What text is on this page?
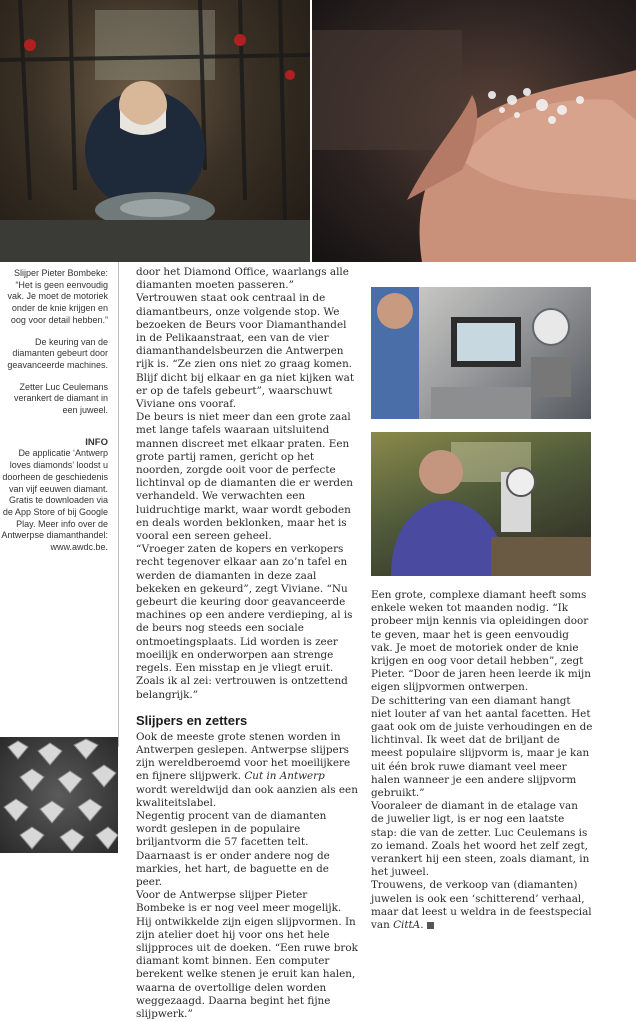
Slijper Pieter Bombeke: “Het is geen eenvoudig vak. Je moet de motoriek onder de knie krijgen en oog voor detail hebben.”

De keuring van de diamanten gebeurt door geavanceerde machines.

Zetter Luc Ceulemans verankert de diamant in een juweel.

INFO

De applicatie ‘Antwerp loves diamonds’ loodst u doorheen de geschiedenis van vijf eeuwen diamant. Gratis te downloaden via de App Store of bij Google Play. Meer info over de Antwerpse diamanthandel: www.awdc.be.

door het Diamond Office, waarlangs alle diamanten moeten passeren.”

Vertrouwen staat ook centraal in de diamantbeurs, onze volgende stop. We bezoeken de Beurs voor Diamanthandel in de Pelikaanstraat, een van de vier diamanthandelsbeurzen die Antwerpen rijk is. “Ze zien ons niet zo graag komen. Blijf dicht bij elkaar en ga niet kijken wat er op de tafels gebeurt”, waarschuwt Viviane ons vooraf.

De beurs is niet meer dan een grote zaal met lange tafels waaraan uitsluitend mannen discreet met elkaar praten. Een grote partij ramen, gericht op het noorden, zorgde ooit voor de perfecte lichtinval op de diamanten die er werden verhandeld. We verwachten een luidruchtige markt, waar wordt geboden en deals worden beklonken, maar het is vooral een sereen geheel.

“Vroeger zaten de kopers en verkopers recht tegenover elkaar aan zo’n tafel en werden de diamanten in deze zaal bekeken en gekeurd”, zegt Viviane. “Nu gebeurt die keuring door geavanceerde machines op een andere verdieping, al is de beurs nog steeds een sociale ontmoetingsplaats. Lid worden is zeer moeilijk en onderworpen aan strenge regels. Een misstap en je vliegt eruit. Zoals ik al zei: vertrouwen is ontzettend belangrijk.”

Slijpers en zetters

Ook de meeste grote stenen worden in Antwerpen geslepen. Antwerpse slijpers zijn wereldberoemd voor het moeilijkere en fijnere slijpwerk. Cut in Antwerp wordt wereldwijd dan ook aanzien als een kwaliteitslabel.

Negentig procent van de diamanten wordt geslepen in de populaire briljantvorm die 57 facetten telt. Daarnaast is er onder andere nog de markies, het hart, de baguette en de peer.

Voor de Antwerpse slijper Pieter Bombeke is er nog veel meer mogelijk. Hij ontwikkelde zijn eigen slijpvormen. In zijn atelier doet hij voor ons het hele slijpproces uit de doeken. “Een ruwe brok diamant komt binnen. Een computer berekent welke stenen je eruit kan halen, waarna de overtollige delen worden weggezaagd. Daarna begint het fijne slijpwerk.”

Een grote, complexe diamant heeft soms enkele weken tot maanden nodig. “Ik probeer mijn kennis via opleidingen door te geven, maar het is geen eenvoudig vak. Je moet de motoriek onder de knie krijgen en oog voor detail hebben”, zegt Pieter. “Door de jaren heen leerde ik mijn eigen slijpvormen ontwerpen.

De schittering van een diamant hangt niet louter af van het aantal facetten. Het gaat ook om de juiste verhoudingen en de lichtinval. Ik weet dat de briljant de meest populaire slijpvorm is, maar je kan uit één brok ruwe diamant veel meer halen wanneer je een andere slijpvorm gebruikt.”

Vooraleer de diamant in de etalage van de juwelier ligt, is er nog een laatste stap: die van de zetter. Luc Ceulemans is zo iemand. Zoals het woord het zelf zegt, verankert hij een steen, zoals diamant, in het juweel.

Trouwens, de verkoop van (diamanten) juwelen is ook een ‘schitterend’ verhaal, maar dat leest u weldra in de feestspecial van CittA.
